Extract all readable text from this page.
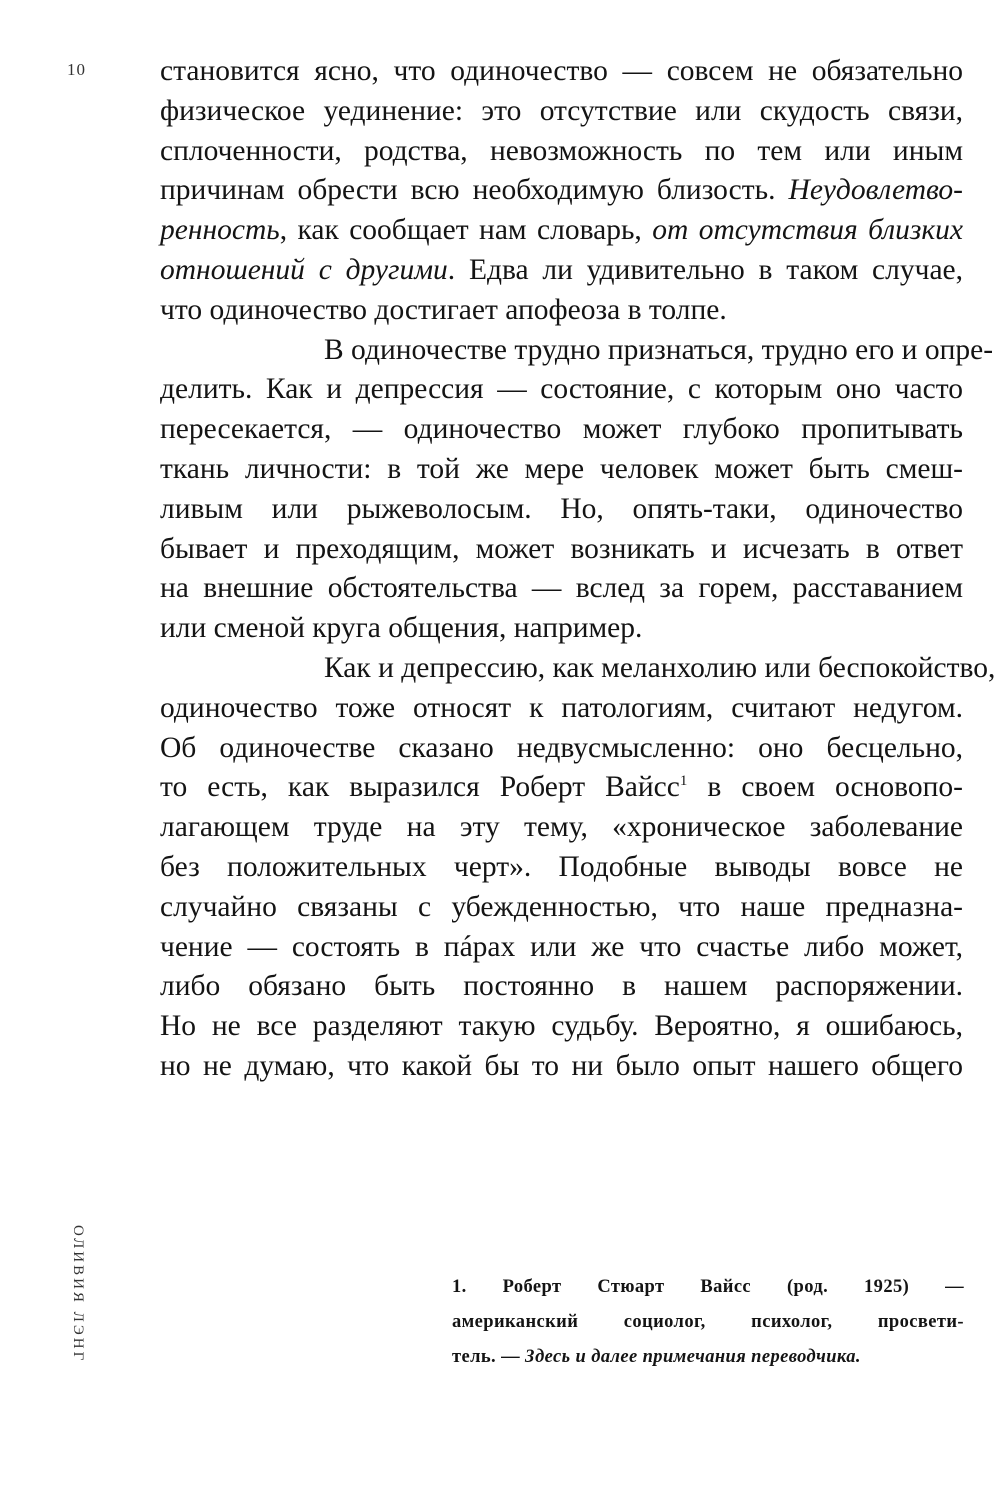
10
ОЛИВИЯ ЛЭНГ

становится ясно, что одиночество — совсем не обязательно
физическое уединение: это отсутствие или скудость связи,
сплоченности, родства, невозможность по тем или иным
причинам обрести всю необходимую близость. Неудовлетво-
ренность, как сообщает нам словарь, от отсутствия близких
отношений с другими. Едва ли удивительно в таком случае,
что одиночество достигает апофеоза в толпе.

В одиночестве трудно признаться, трудно его и опре-
делить. Как и депрессия — состояние, с которым оно часто
пересекается, — одиночество может глубоко пропитывать
ткань личности: в той же мере человек может быть смеш-
ливым или рыжеволосым. Но, опять-таки, одиночество
бывает и преходящим, может возникать и исчезать в ответ
на внешние обстоятельства — вслед за горем, расставанием
или сменой круга общения, например.

Как и депрессию, как меланхолию или беспокойство,
одиночество тоже относят к патологиям, считают недугом.
Об одиночестве сказано недвусмысленно: оно бесцельно,
то есть, как выразился Роберт Вайсс$^1$ в своем основопо-
лагающем труде на эту тему, «хроническое заболевание
без положительных черт». Подобные выводы вовсе не
случайно связаны с убежденностью, что наше предназна-
чение — состоять в пáрах или же что счастье либо может,
либо обязано быть постоянно в нашем распоряжении.
Но не все разделяют такую судьбу. Вероятно, я ошибаюсь,
но не думаю, что какой бы то ни было опыт нашего общего

1. Роберт Стюарт Вайсс (род. 1925) —
американский социолог, психолог, просвети-
тель. — Здесь и далее примечания переводчика.
